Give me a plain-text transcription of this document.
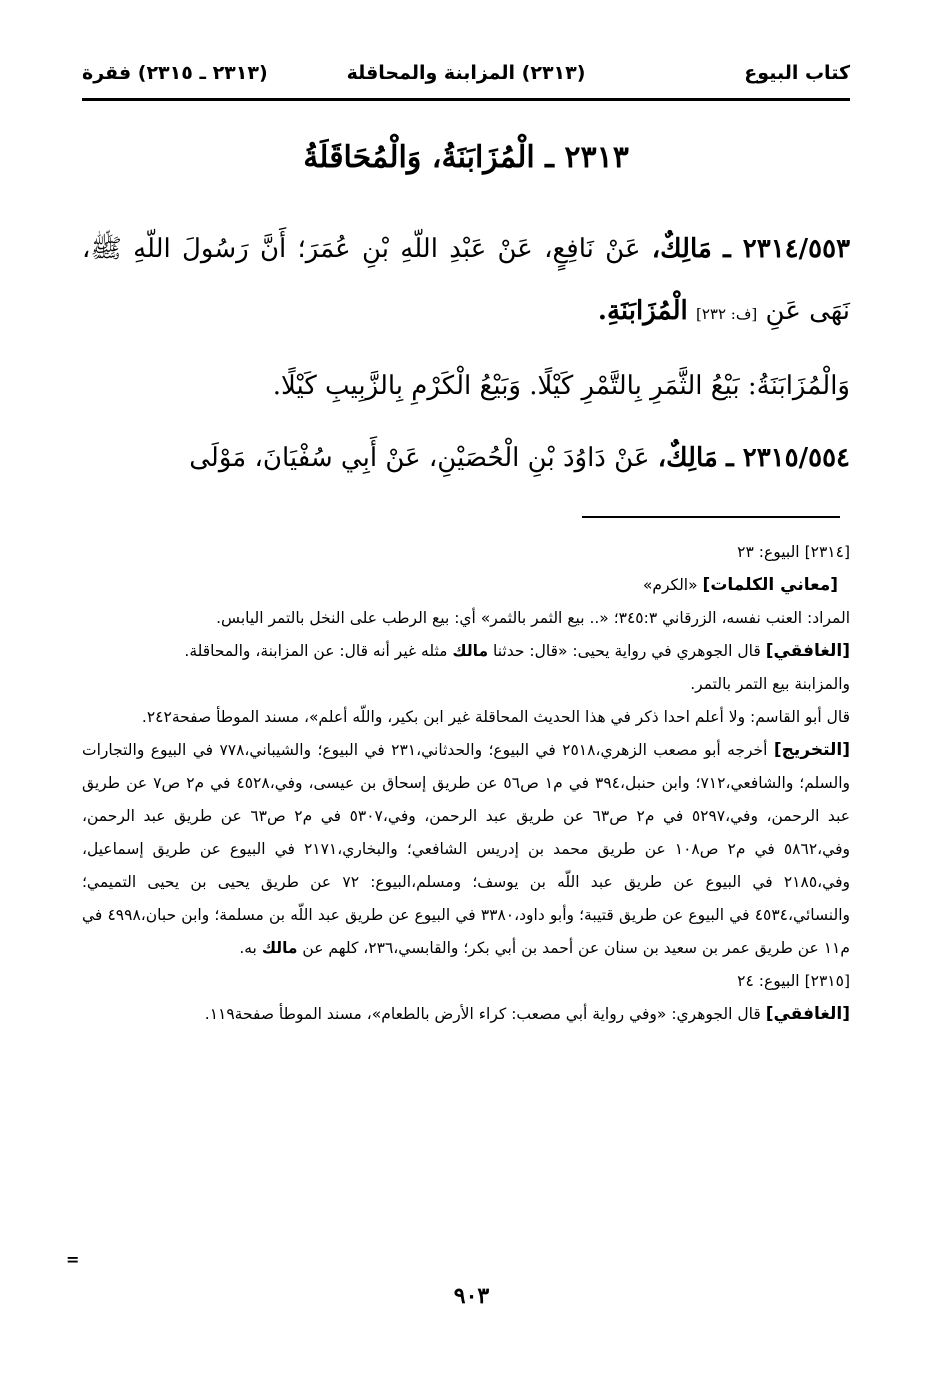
كتاب البيوع
(٢٣١٣) المزابنة والمحاقلة
(٢٣١٣ ـ ٢٣١٥) فقرة
٢٣١٣ ـ الْمُزَابَنَةُ، وَالْمُحَاقَلَةُ

٢٣١٤/٥٥٣ ـ مَالِكٌ، عَنْ نَافِعٍ، عَنْ عَبْدِ اللّهِ بْنِ عُمَرَ؛ أَنَّ رَسُولَ اللّهِ ﷺ، نَهَى عَنِ [ف: ٢٣٢] الْمُزَابَنَةِ.

وَالْمُزَابَنَةُ: بَيْعُ الثَّمَرِ بِالتَّمْرِ كَيْلًا. وَبَيْعُ الْكَرْمِ بِالزَّبِيبِ كَيْلًا.

٢٣١٥/٥٥٤ ـ مَالِكٌ، عَنْ دَاوُدَ بْنِ الْحُصَيْنِ، عَنْ أَبِي سُفْيَانَ، مَوْلَى

[٢٣١٤] البيوع: ٢٣

[معاني الكلمات] «الكرم»

المراد: العنب نفسه، الزرقاني ٣٤٥:٣؛ «.. بيع الثمر بالثمر» أي: بيع الرطب على النخل بالتمر اليابس.

[الغافقي] قال الجوهري في رواية يحيى: «قال: حدثنا مالك مثله غير أنه قال: عن المزابنة، والمحاقلة.

والمزابنة بيع التمر بالتمر.

قال أبو القاسم: ولا أعلم احدا ذكر في هذا الحديث المحاقلة غير ابن بكير، واللّه أعلم»، مسند الموطأ صفحة٢٤٢.

[التخريج] أخرجه أبو مصعب الزهري،٢٥١٨ في البيوع؛ والحدثاني،٢٣١ في البيوع؛ والشيباني،٧٧٨ في البيوع والتجارات والسلم؛ والشافعي،٧١٢؛ وابن حنبل،٣٩٤ في م١ ص٥٦ عن طريق إسحاق بن عيسى، وفي،٤٥٢٨ في م٢ ص٧ عن طريق عبد الرحمن، وفي،٥٢٩٧ في م٢ ص٦٣ عن طريق عبد الرحمن، وفي،٥٣٠٧ في م٢ ص٦٣ عن طريق عبد الرحمن، وفي،٥٨٦٢ في م٢ ص١٠٨ عن طريق محمد بن إدريس الشافعي؛ والبخاري،٢١٧١ في البيوع عن طريق إسماعيل، وفي،٢١٨٥ في البيوع عن طريق عبد اللّه بن يوسف؛ ومسلم،البيوع: ٧٢ عن طريق يحيى بن يحيى التميمي؛ والنسائي،٤٥٣٤ في البيوع عن طريق قتيبة؛ وأبو داود،٣٣٨٠ في البيوع عن طريق عبد اللّه بن مسلمة؛ وابن حبان،٤٩٩٨ في م١١ عن طريق عمر بن سعيد بن سنان عن أحمد بن أبي بكر؛ والقابسي،٢٣٦، كلهم عن مالك به.

[٢٣١٥] البيوع: ٢٤

[الغافقي] قال الجوهري: «وفي رواية أبي مصعب: كراء الأرض بالطعام»، مسند الموطأ صفحة١١٩.

=
٩٠٣
